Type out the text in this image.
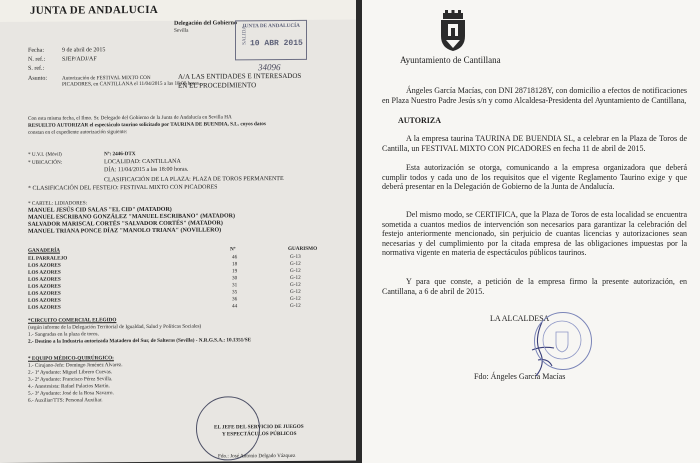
JUNTA DE ANDALUCIA
Delegación del Gobierno
Sevilla
JUNTA DE ANDALUCÍA
10 ABR 2015
SALIDA
34096
Fecha:	9 de abril de 2015
N. ref.:	SJEP/ADJ/AF
S. ref.:
Asunto:	Autorización de FESTIVAL MIXTO CON
PICADORES, en CANTILLANA el 11/04/2015 a las 18:00 horas.
A/A LAS ENTIDADES E INTERESADOS
EN EL PROCEDIMIENTO
Con esta misma fecha, el Ilmo. Sr. Delegado del Gobierno de la Junta de Andalucía en Sevilla HA
RESUELTO AUTORIZAR el espectáculo taurino solicitado por TAURINA DE BUENDIA, S.L. cuyos datos
constan en el expediente autorización siguiente:
* U.V.I. (Móvil)	Nº: 2446-DTX
* UBICACIÓN:	LOCALIDAD: CANTILLANA
DÍA: 11/04/2015 a las 18:00 horas.
CLASIFICACIÓN DE LA PLAZA: PLAZA DE TOROS PERMANENTE
* CLASIFICACIÓN DEL FESTEJO: FESTIVAL MIXTO CON PICADORES
* CARTEL: LIDIADORES:
MANUEL JESÚS CID SALAS "EL CID" (MATADOR)
MANUEL ESCRIBANO GONZÁLEZ "MANUEL ESCRIBANO" (MATADOR)
SALVADOR MARISCAL CORTÉS "SALVADOR CORTÉS" (MATADOR)
MANUEL TRIANA PONCE DÍAZ "MANOLO TRIANA" (NOVILLERO)
GANADERÍA	Nº	GUARISMO
EL PARRALEJO	46	G-13
LOS AZORES	18	G-12
LOS AZORES	19	G-12
LOS AZORES	30	G-12
LOS AZORES	31	G-12
LOS AZORES	35	G-12
LOS AZORES	36	G-12
LOS AZORES	44	G-12
*CIRCUITO COMERCIAL ELEGIDO
(según informe de la Delegación Territorial de Igualdad, Salud y Políticas Sociales)
1.- Sangradas en la plaza de toros.
2.- Destino a la Industria autorizada Matadero del Sur, de Salteras (Sevilla) - N.R.G.S.A.: 10.1351/SE
* EQUIPO MÉDICO-QUIRÚRGICO:
1.- Cirujano-Jefe: Domingo Jiménez Alvarez.
2.- 1ª Ayudante: Miguel Librero Cuevas.
3.- 2ª Ayudante: Francisco Pérez Sevilla.
4.- Anestesista: Rafael Palacios Martín.
5.- 3ª Ayudante: José de la Rosa Navarro.
6.- Auxiliar/TTS: Personal Auxiliar.
EL JEFE DEL SERVICIO DE JUEGOS
Y ESPECTÁCULOS PÚBLICOS
Fdo.: José Antonio Delgado Vázquez
Ayuntamiento de Cantillana
Ángeles García Macías, con DNI 28718128Y, con domicilio a efectos de notificaciones en Plaza Nuestro Padre Jesús s/n y como Alcaldesa-Presidenta del Ayuntamiento de Cantillana,
AUTORIZA
A la empresa taurina TAURINA DE BUENDIA SL, a celebrar en la Plaza de Toros de Cantilla, un FESTIVAL MIXTO CON PICADORES en fecha 11 de abril de 2015.
Esta autorización se otorga, comunicando a la empresa organizadora que deberá cumplir todos y cada uno de los requisitos que el vigente Reglamento Taurino exige y que deberá presentar en la Delegación de Gobierno de la Junta de Andalucía.
Del mismo modo, se CERTIFICA, que la Plaza de Toros de esta localidad se encuentra sometida a cuantos medios de intervención son necesarios para garantizar la celebración del festejo anteriormente mencionado, sin perjuicio de cuantas licencias y autorizaciones sean necesarias y del cumplimiento por la citada empresa de las obligaciones impuestas por la normativa vigente en materia de espectáculos públicos taurinos.
Y para que conste, a petición de la empresa firmo la presente autorización, en Cantillana, a 6 de abril de 2015.
LA ALCALDESA
Fdo: Ángeles García Macías
